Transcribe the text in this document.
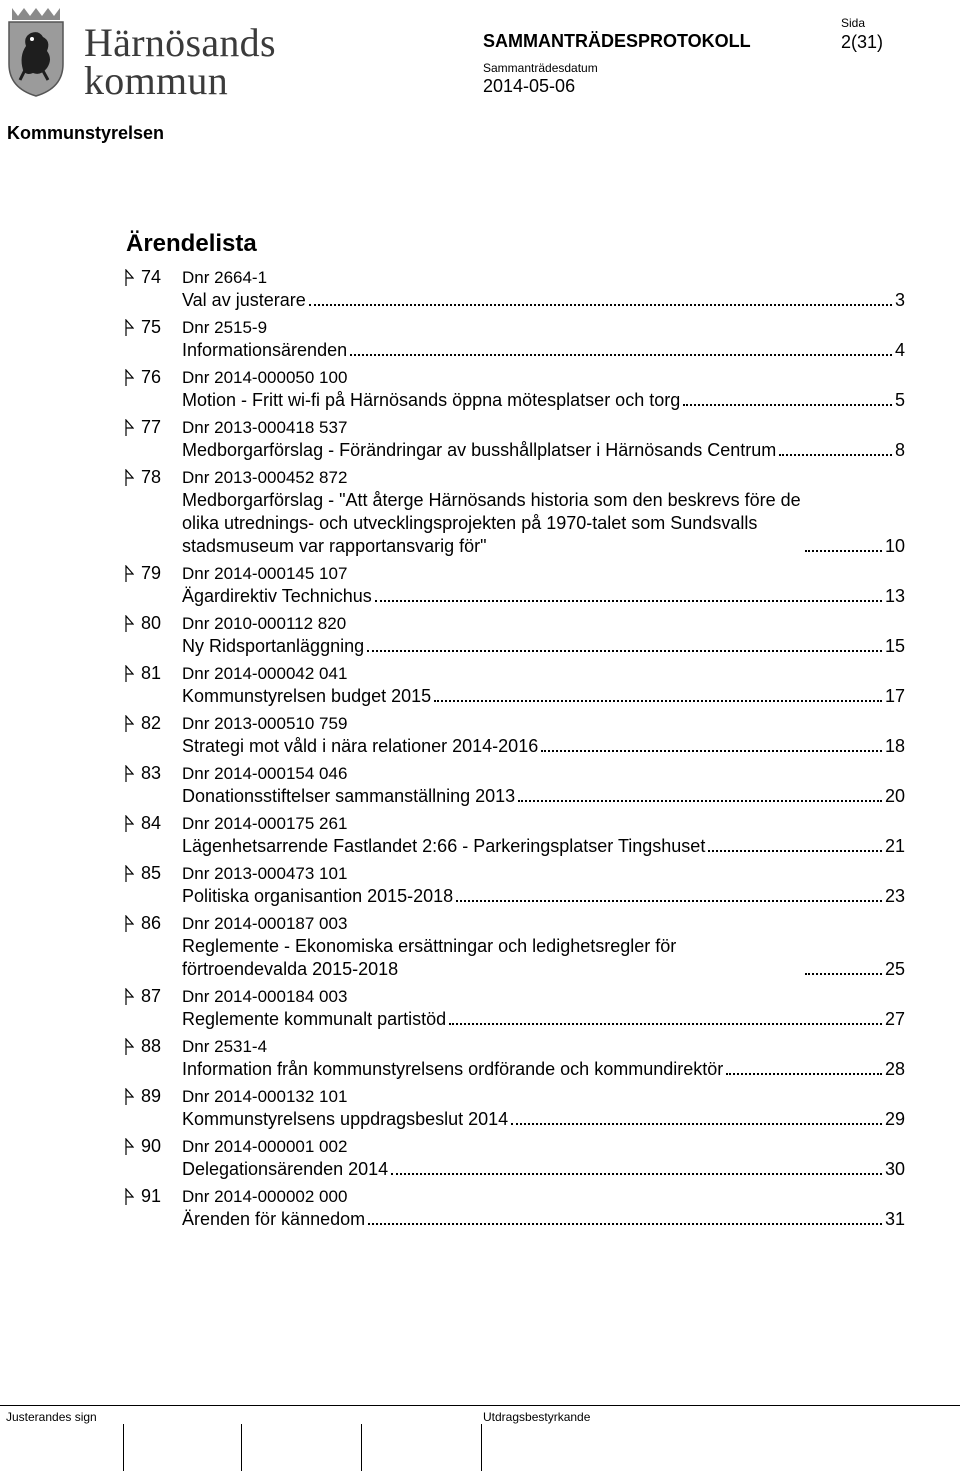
Härnösands
kommun
SAMMANTRÄDESPROTOKOLL
Sammanträdesdatum
2014-05-06
Sida
2(31)
Kommunstyrelsen
Ärendelista
74 Dnr 2664-1
Val av justerare	3
75 Dnr 2515-9
Informationsärenden	4
76 Dnr 2014-000050 100
Motion - Fritt wi-fi på Härnösands öppna mötesplatser och torg	5
77 Dnr 2013-000418 537
Medborgarförslag - Förändringar av busshållplatser i Härnösands Centrum	8
78 Dnr 2013-000452 872
Medborgarförslag - "Att återge Härnösands historia som den beskrevs före de olika utrednings- och utvecklingsprojekten på 1970-talet som Sundsvalls stadsmuseum var rapportansvarig för"	10
79 Dnr 2014-000145 107
Ägardirektiv Technichus	13
80 Dnr 2010-000112 820
Ny Ridsportanläggning	15
81 Dnr 2014-000042 041
Kommunstyrelsen budget 2015	17
82 Dnr 2013-000510 759
Strategi mot våld i nära relationer 2014-2016	18
83 Dnr 2014-000154 046
Donationsstiftelser sammanställning 2013	20
84 Dnr 2014-000175 261
Lägenhetsarrende Fastlandet 2:66 - Parkeringsplatser Tingshuset	21
85 Dnr 2013-000473 101
Politiska organisantion 2015-2018	23
86 Dnr 2014-000187 003
Reglemente - Ekonomiska ersättningar och ledighetsregler för förtroendevalda 2015-2018	25
87 Dnr 2014-000184 003
Reglemente kommunalt partistöd	27
88 Dnr 2531-4
Information från kommunstyrelsens ordförande och kommundirektör	28
89 Dnr 2014-000132 101
Kommunstyrelsens uppdragsbeslut 2014	29
90 Dnr 2014-000001 002
Delegationsärenden 2014	30
91 Dnr 2014-000002 000
Ärenden för kännedom	31
Justerandes sign	Utdragsbestyrkande
